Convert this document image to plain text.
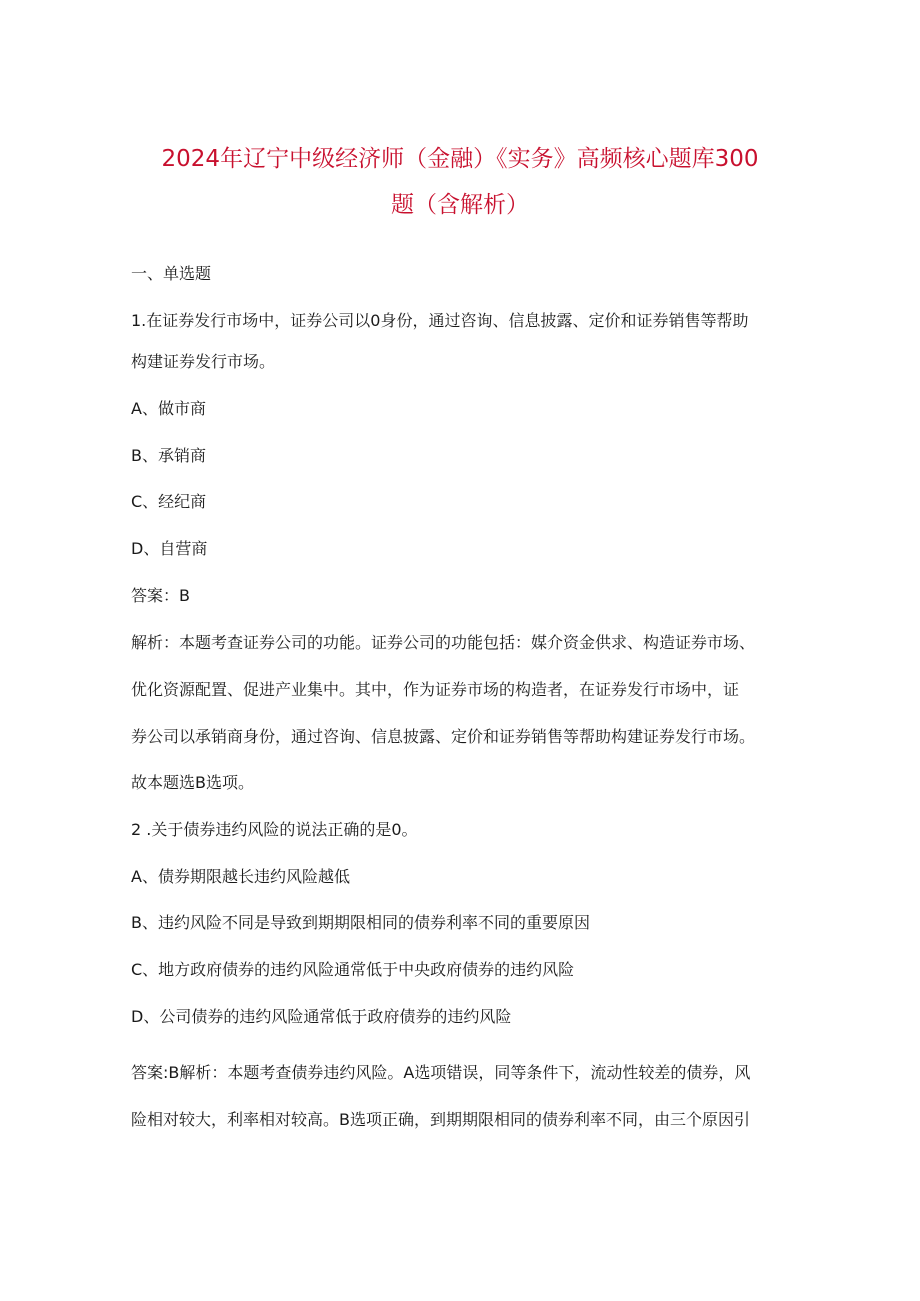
2024年辽宁中级经济师（金融）《实务》高频核心题库300
题（含解析）
一、单选题
1.在证券发行市场中，证券公司以0身份，通过咨询、信息披露、定价和证券销售等帮助
构建证券发行市场。
A、做市商
B、承销商
C、经纪商
D、自营商
答案：B
解析：本题考查证券公司的功能。证券公司的功能包括：媒介资金供求、构造证券市场、
优化资源配置、促进产业集中。其中，作为证券市场的构造者，在证券发行市场中，证
券公司以承销商身份，通过咨询、信息披露、定价和证券销售等帮助构建证券发行市场。
故本题选B选项。
2 .关于债券违约风险的说法正确的是0。
A、债券期限越长违约风险越低
B、违约风险不同是导致到期期限相同的债券利率不同的重要原因
C、地方政府债券的违约风险通常低于中央政府债券的违约风险
D、公司债券的违约风险通常低于政府债券的违约风险
答案:B解析：本题考查债券违约风险。A选项错误，同等条件下，流动性较差的债券，风
险相对较大，利率相对较高。B选项正确，到期期限相同的债券利率不同，由三个原因引
